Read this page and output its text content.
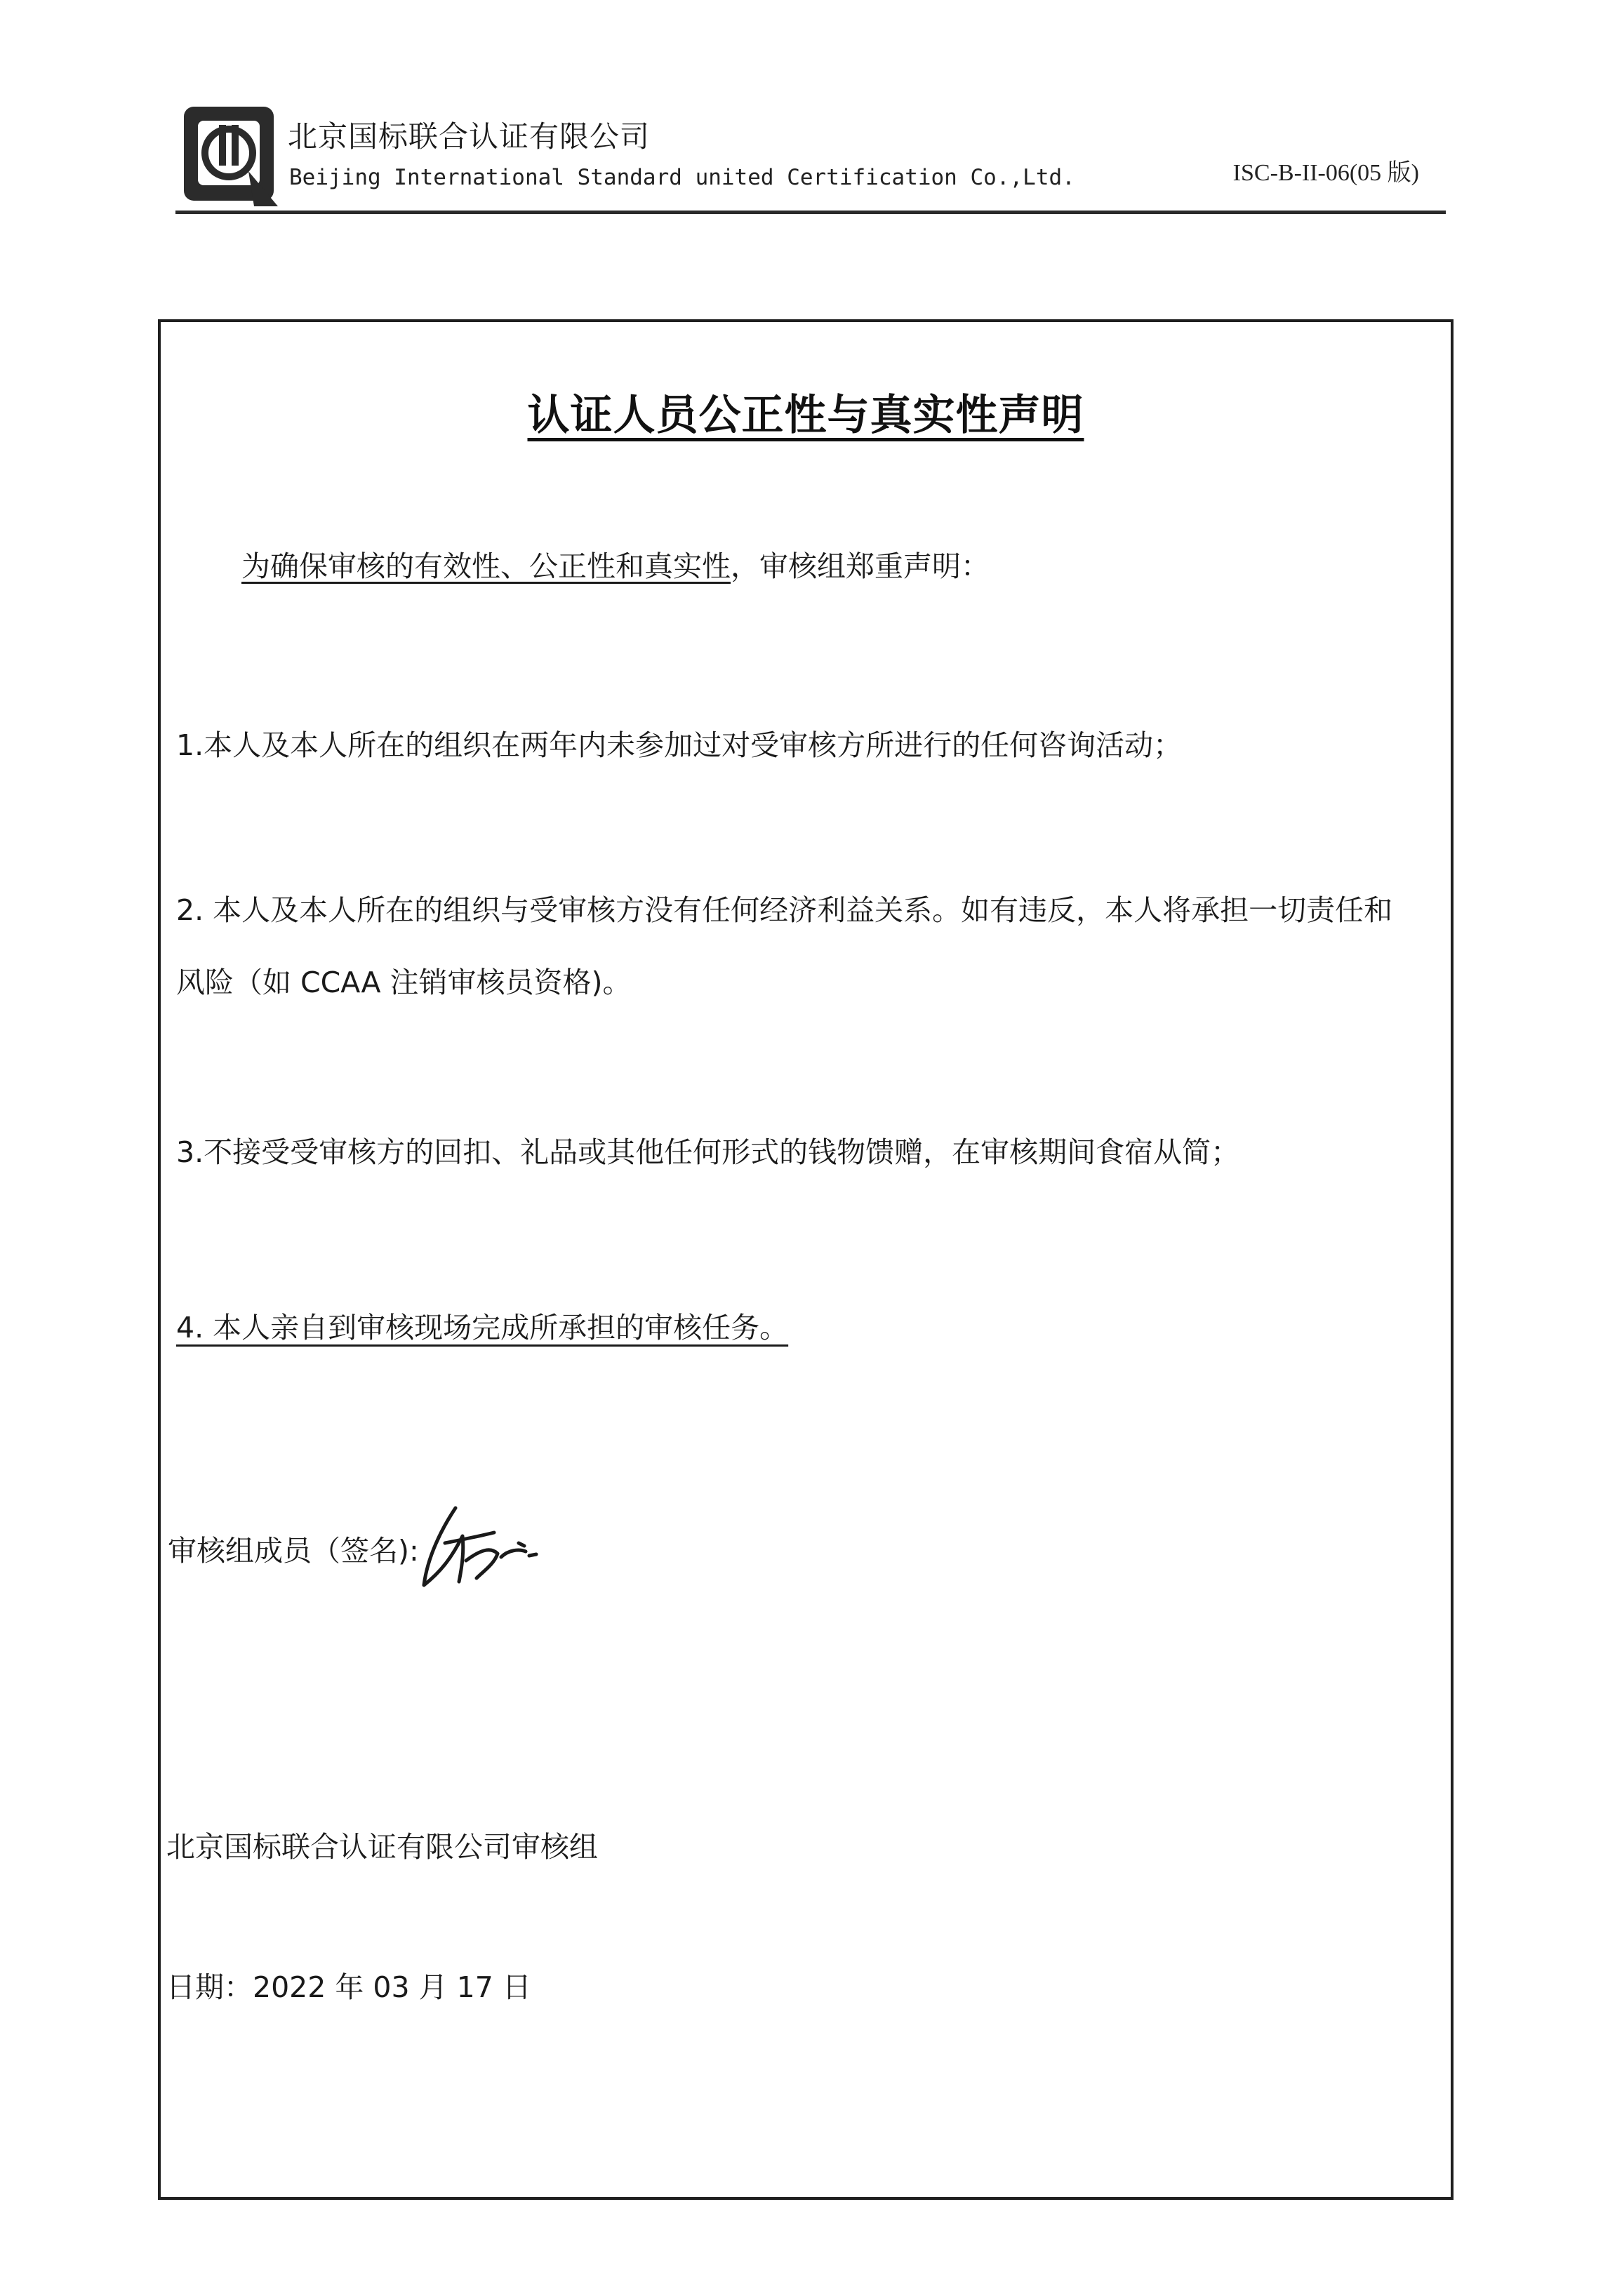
北京国标联合认证有限公司
Beijing International Standard united Certification Co.,Ltd.	ISC-B-II-06(05 版)
认证人员公正性与真实性声明
为确保审核的有效性、公正性和真实性，审核组郑重声明：
1.本人及本人所在的组织在两年内未参加过对受审核方所进行的任何咨询活动；
2. 本人及本人所在的组织与受审核方没有任何经济利益关系。如有违反，本人将承担一切责任和
风险（如 CCAA 注销审核员资格)。
3.不接受受审核方的回扣、礼品或其他任何形式的钱物馈赠，在审核期间食宿从简；
4. 本人亲自到审核现场完成所承担的审核任务。
审核组成员（签名):
北京国标联合认证有限公司审核组
日期：2022 年 03 月 17 日
